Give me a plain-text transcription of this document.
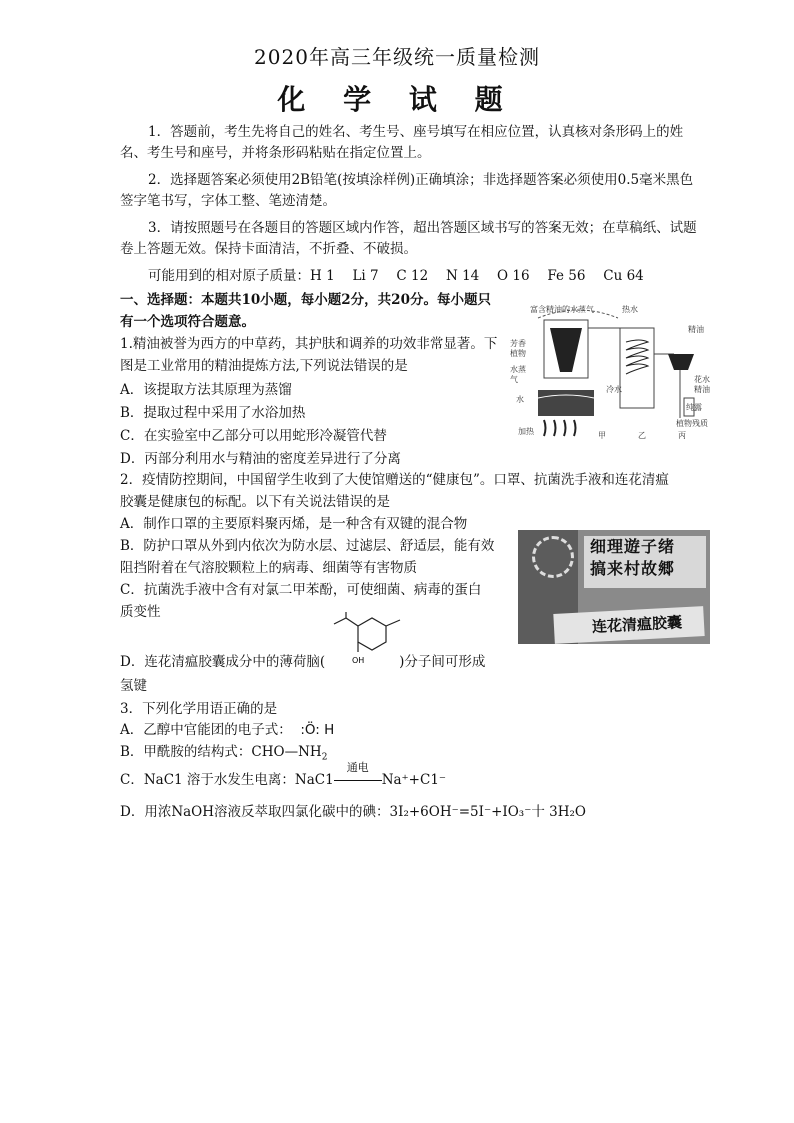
2020年高三年级统一质量检测
化 学 试 题
1．答题前，考生先将自己的姓名、考生号、座号填写在相应位置，认真核对条形码上的姓名、考生号和座号，并将条形码粘贴在指定位置上。
2．选择题答案必须使用2B铅笔(按填涂样例)正确填涂；非选择题答案必须使用0.5毫米黑色签字笔书写，字体工整、笔迹清楚。
3．请按照题号在各题目的答题区域内作答，超出答题区域书写的答案无效；在草稿纸、试题卷上答题无效。保持卡面清洁，不折叠、不破损。
可能用到的相对原子质量：H 1　 Li 7　 C 12　 N 14　 O 16　 Fe 56　 Cu 64
一、选择题：本题共10小题，每小题2分，共20分。每小题只
有一个选项符合题意。
1.精油被誉为西方的中草药，其护肤和调养的功效非常显著。下
图是工业常用的精油提炼方法,下列说法错误的是
A．该提取方法其原理为蒸馏
B．提取过程中采用了水浴加热
C．在实验室中乙部分可以用蛇形冷凝管代替
D．丙部分利用水与精油的密度差异进行了分离
富含精油的水蒸气
芳香
植物
水蒸
气
水
加热	甲
热水
冷水
乙
精油
花水
精油
纯露
丙
植物残质
2．疫情防控期间，中国留学生收到了大使馆赠送的“健康包”。口罩、抗菌洗手液和连花清瘟
胶囊是健康包的标配。以下有关说法错误的是
A．制作口罩的主要原料聚丙烯，是一种含有双键的混合物
B．防护口罩从外到内依次为防水层、过滤层、舒适层，能有效
阻挡附着在气溶胶颗粒上的病毒、细菌等有害物质
C．抗菌洗手液中含有对氯二甲苯酚，可使细菌、病毒的蛋白
质变性
OH
D．连花清瘟胶囊成分中的薄荷脑(	)分子间可形成
氢键
细理遊子绪
搞来村故郷
连花清瘟胶囊
3．下列化学用语正确的是
A．乙醇中官能团的电子式： :Ö: H
B．甲酰胺的结构式：$CHO—NH_2$
C．NaC1 溶于水发生电离：NaC1
通电
Na⁺+C1⁻
D．用浓NaOH溶液反萃取四氯化碳中的碘：3I₂+6OH⁻=5I⁻+IO₃⁻十 3H₂O
